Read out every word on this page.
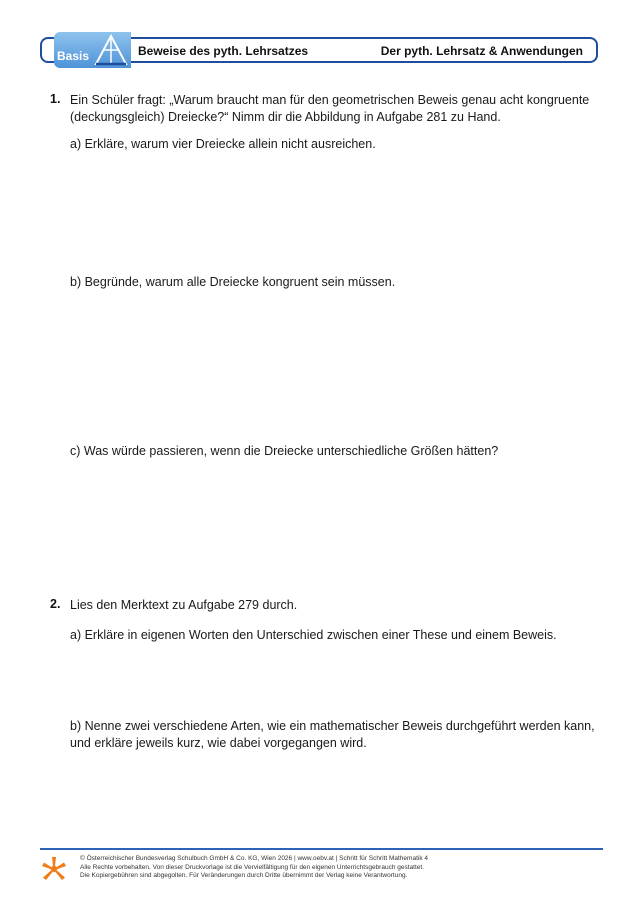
Basis	Beweise des pyth. Lehrsatzes	Der pyth. Lehrsatz & Anwendungen
1. Ein Schüler fragt: „Warum braucht man für den geometrischen Beweis genau acht kongruente
(deckungsgleich) Dreiecke?“ Nimm dir die Abbildung in Aufgabe 281 zu Hand.
a) Erkläre, warum vier Dreiecke allein nicht ausreichen.
b) Begründe, warum alle Dreiecke kongruent sein müssen.
c) Was würde passieren, wenn die Dreiecke unterschiedliche Größen hätten?
2. Lies den Merktext zu Aufgabe 279 durch.
a) Erkläre in eigenen Worten den Unterschied zwischen einer These und einem Beweis.
b) Nenne zwei verschiedene Arten, wie ein mathematischer Beweis durchgeführt werden kann,
und erkläre jeweils kurz, wie dabei vorgegangen wird.
© Österreichischer Bundesverlag Schulbuch GmbH & Co. KG, Wien 2026 | www.oebv.at | Schritt für Schritt Mathematik 4
Alle Rechte vorbehalten. Von dieser Druckvorlage ist die Vervielfältigung für den eigenen Unterrichtsgebrauch gestattet.
Die Kopiergebühren sind abgegolten. Für Veränderungen durch Dritte übernimmt der Verlag keine Verantwortung.
